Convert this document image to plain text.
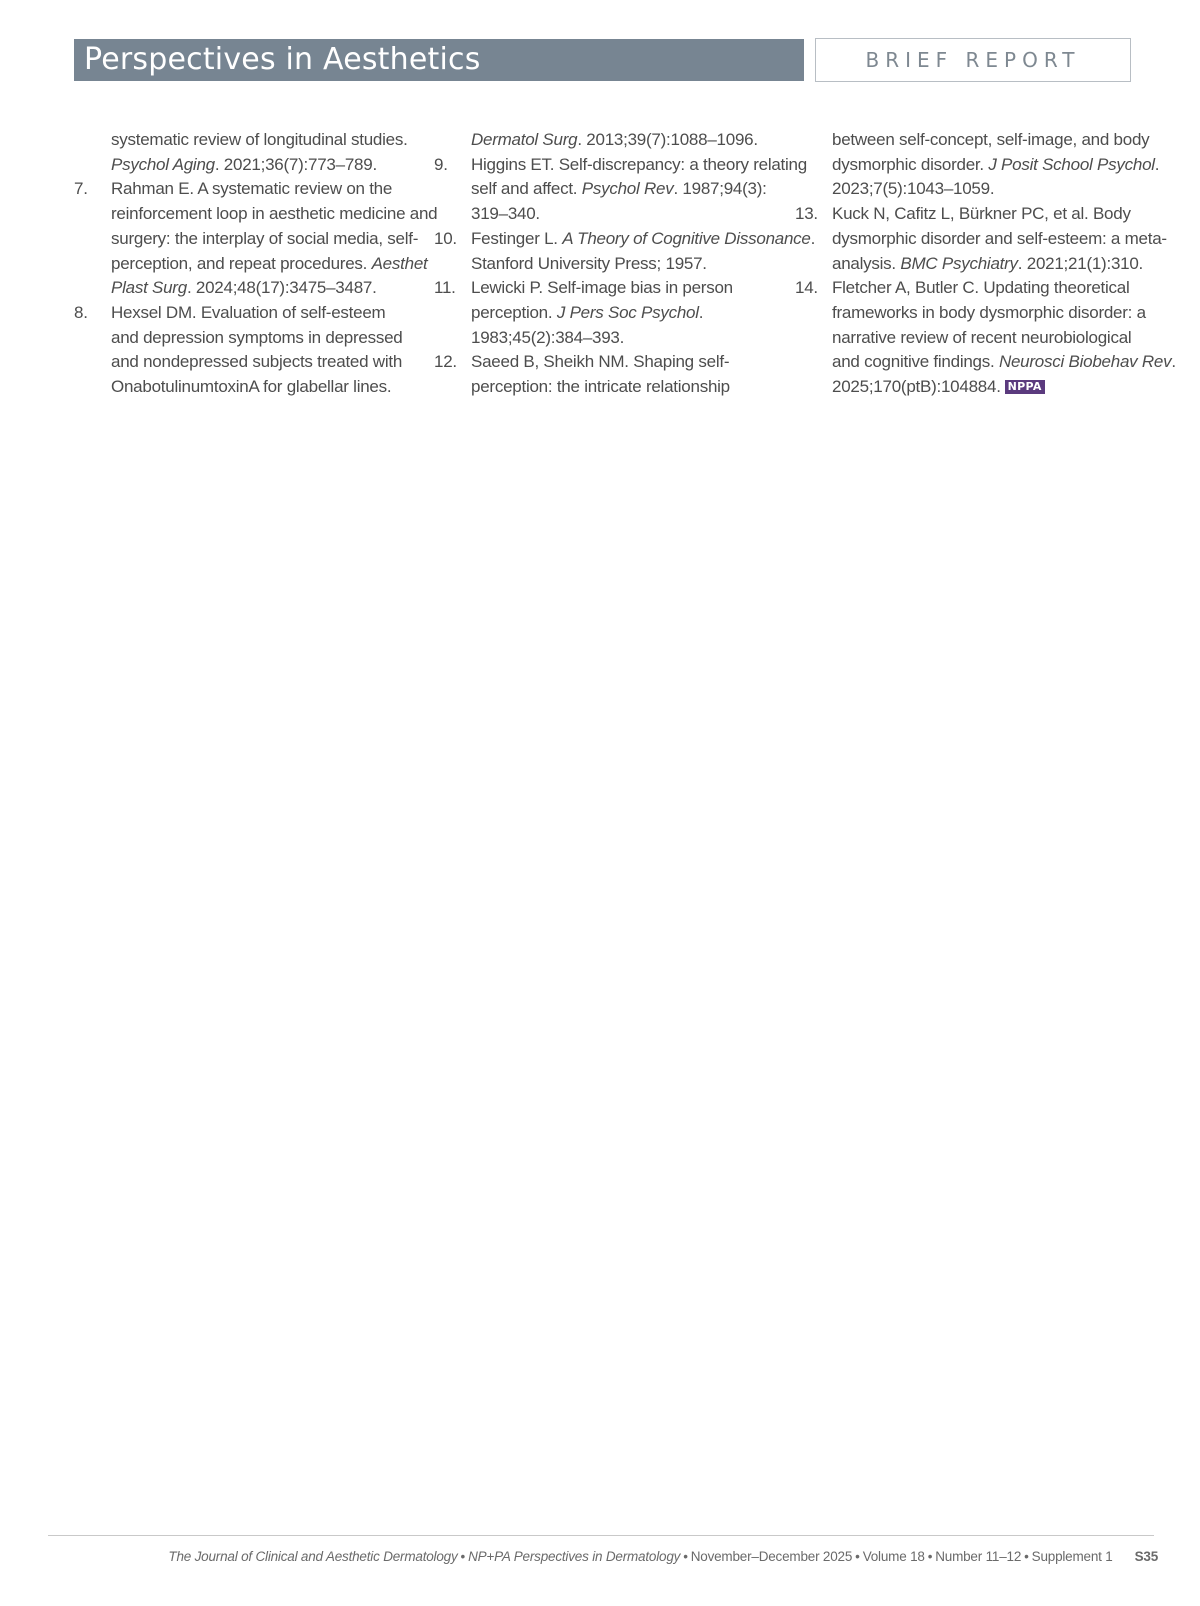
Perspectives in Aesthetics	BRIEF REPORT
systematic review of longitudinal studies.
Psychol Aging. 2021;36(7):773–789.
7.	Rahman E. A systematic review on the
reinforcement loop in aesthetic medicine and
surgery: the interplay of social media, self-
perception, and repeat procedures. Aesthet
Plast Surg. 2024;48(17):3475–3487.
8.	Hexsel DM. Evaluation of self-esteem
and depression symptoms in depressed
and nondepressed subjects treated with
OnabotulinumtoxinA for glabellar lines.
Dermatol Surg. 2013;39(7):1088–1096.
9.	Higgins ET. Self-discrepancy: a theory relating
self and affect. Psychol Rev. 1987;94(3):
319–340.
10. Festinger L. A Theory of Cognitive Dissonance.
Stanford University Press; 1957.
11. Lewicki P. Self-image bias in person
perception. J Pers Soc Psychol.
1983;45(2):384–393.
12. Saeed B, Sheikh NM. Shaping self-
perception: the intricate relationship
between self-concept, self-image, and body
dysmorphic disorder. J Posit School Psychol.
2023;7(5):1043–1059.
13. Kuck N, Cafitz L, Bürkner PC, et al. Body
dysmorphic disorder and self-esteem: a meta-
analysis. BMC Psychiatry. 2021;21(1):310.
14. Fletcher A, Butler C. Updating theoretical
frameworks in body dysmorphic disorder: a
narrative review of recent neurobiological
and cognitive findings. Neurosci Biobehav Rev.
2025;170(ptB):104884. NPPA
The Journal of Clinical and Aesthetic Dermatology • NP+PA Perspectives in Dermatology • November–December 2025 • Volume 18 • Number 11–12 • Supplement 1 S35
